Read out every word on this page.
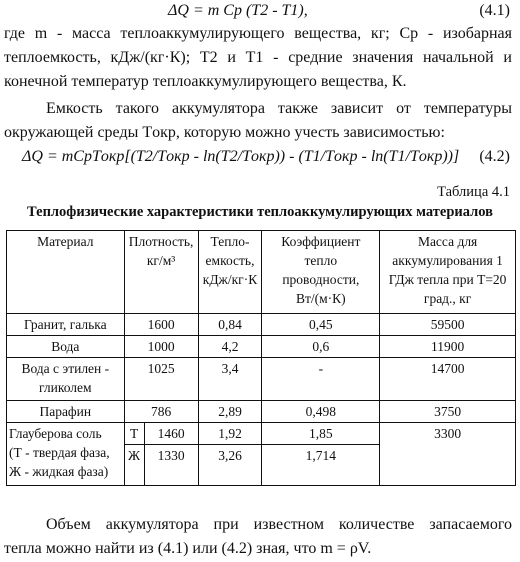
ΔQ = m Cp (T2 - T1),	(4.1)
где m - масса теплоаккумулирующего вещества, кг; Cp - изобарная
теплоемкость, кДж/(кг·К); T2 и T1 - средние значения начальной и
конечной температур теплоаккумулирующего вещества, К.
Емкость такого аккумулятора также зависит от температуры
окружающей среды Tокр, которую можно учесть зависимостью:
ΔQ = mCpTокр[(T2/Tокр - ln(T2/Tокр)) - (T1/Tокр - ln(T1/Tокр))] (4.2)
Таблица 4.1
Теплофизические характеристики теплоаккумулирующих материалов
Материал	Плотность, кг/м³		Тепло-емкость, кДж/кг·К	Коэффициент тепло проводности, Вт/(м·К)	Масса для аккумулирования 1 ГДж тепла при T=20 град., кг
Гранит, галька	1600		0,84	0,45	59500
Вода	1000		4,2	0,6	11900
Вода с этилен - гликолем	1025		3,4	-	14700
Парафин	786		2,89	0,498	3750

Глауберова соль
(Т - твердая фаза,
Ж - жидкая фаза)	Т	1460	1,92	1,85	3300
	Ж	1330	3,26	1,714	
Объем аккумулятора при известном количестве запасаемого
тепла можно найти из (4.1) или (4.2) зная, что m = ρV.
